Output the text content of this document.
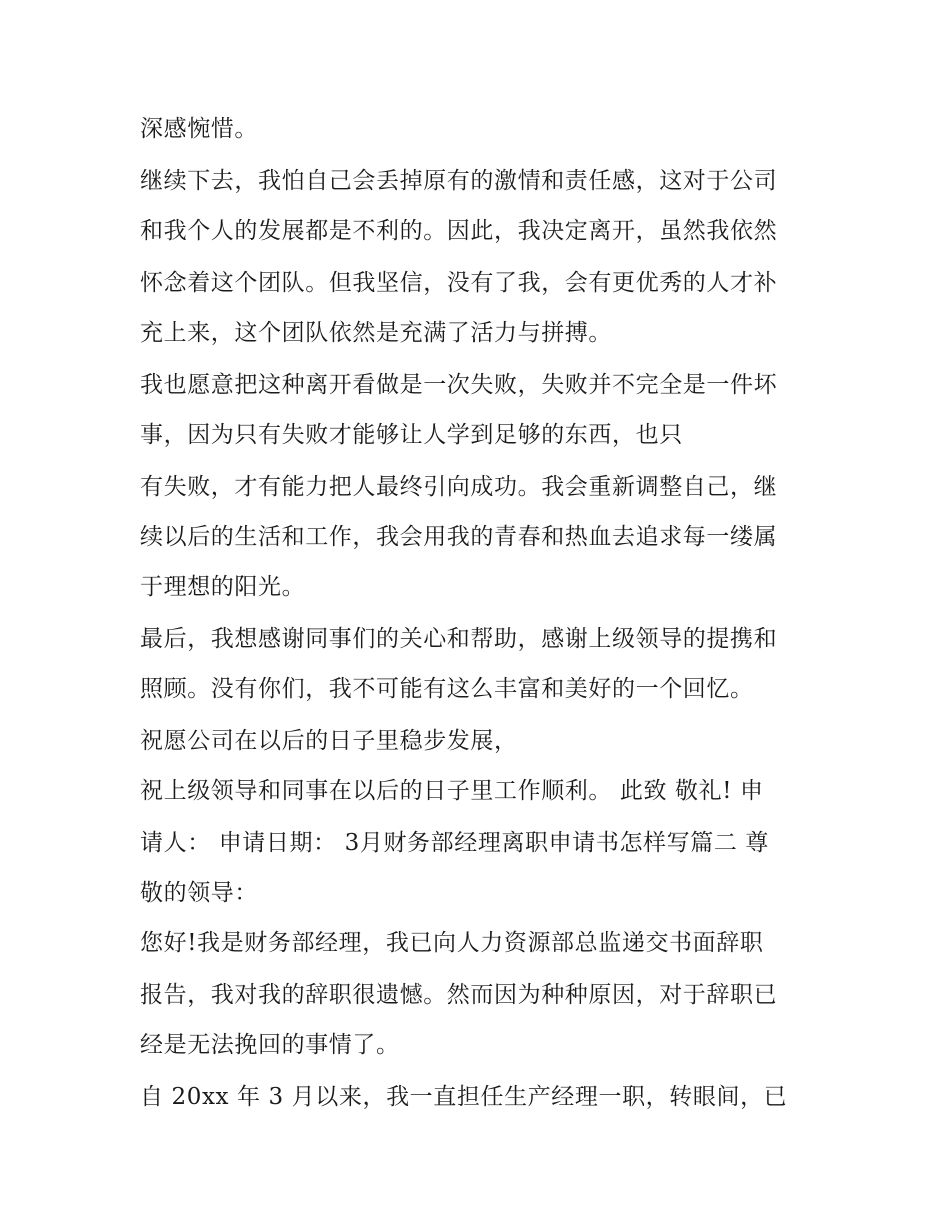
深感惋惜。
继续下去，我怕自己会丢掉原有的激情和责任感，这对于公司
和我个人的发展都是不利的。因此，我决定离开，虽然我依然
怀念着这个团队。但我坚信，没有了我，会有更优秀的人才补
充上来，这个团队依然是充满了活力与拼搏。
我也愿意把这种离开看做是一次失败，失败并不完全是一件坏
事，因为只有失败才能够让人学到足够的东西，也只
有失败，才有能力把人最终引向成功。我会重新调整自己，继
续以后的生活和工作，我会用我的青春和热血去追求每一缕属
于理想的阳光。
最后，我想感谢同事们的关心和帮助，感谢上级领导的提携和
照顾。没有你们，我不可能有这么丰富和美好的一个回忆。
祝愿公司在以后的日子里稳步发展，
祝上级领导和同事在以后的日子里工作顺利。 此致 敬礼! 申
请人： 申请日期： 3月财务部经理离职申请书怎样写篇二 尊
敬的领导：
您好!我是财务部经理，我已向人力资源部总监递交书面辞职
报告，我对我的辞职很遗憾。然而因为种种原因，对于辞职已
经是无法挽回的事情了。
自 20xx 年 3 月以来，我一直担任生产经理一职，转眼间，已
